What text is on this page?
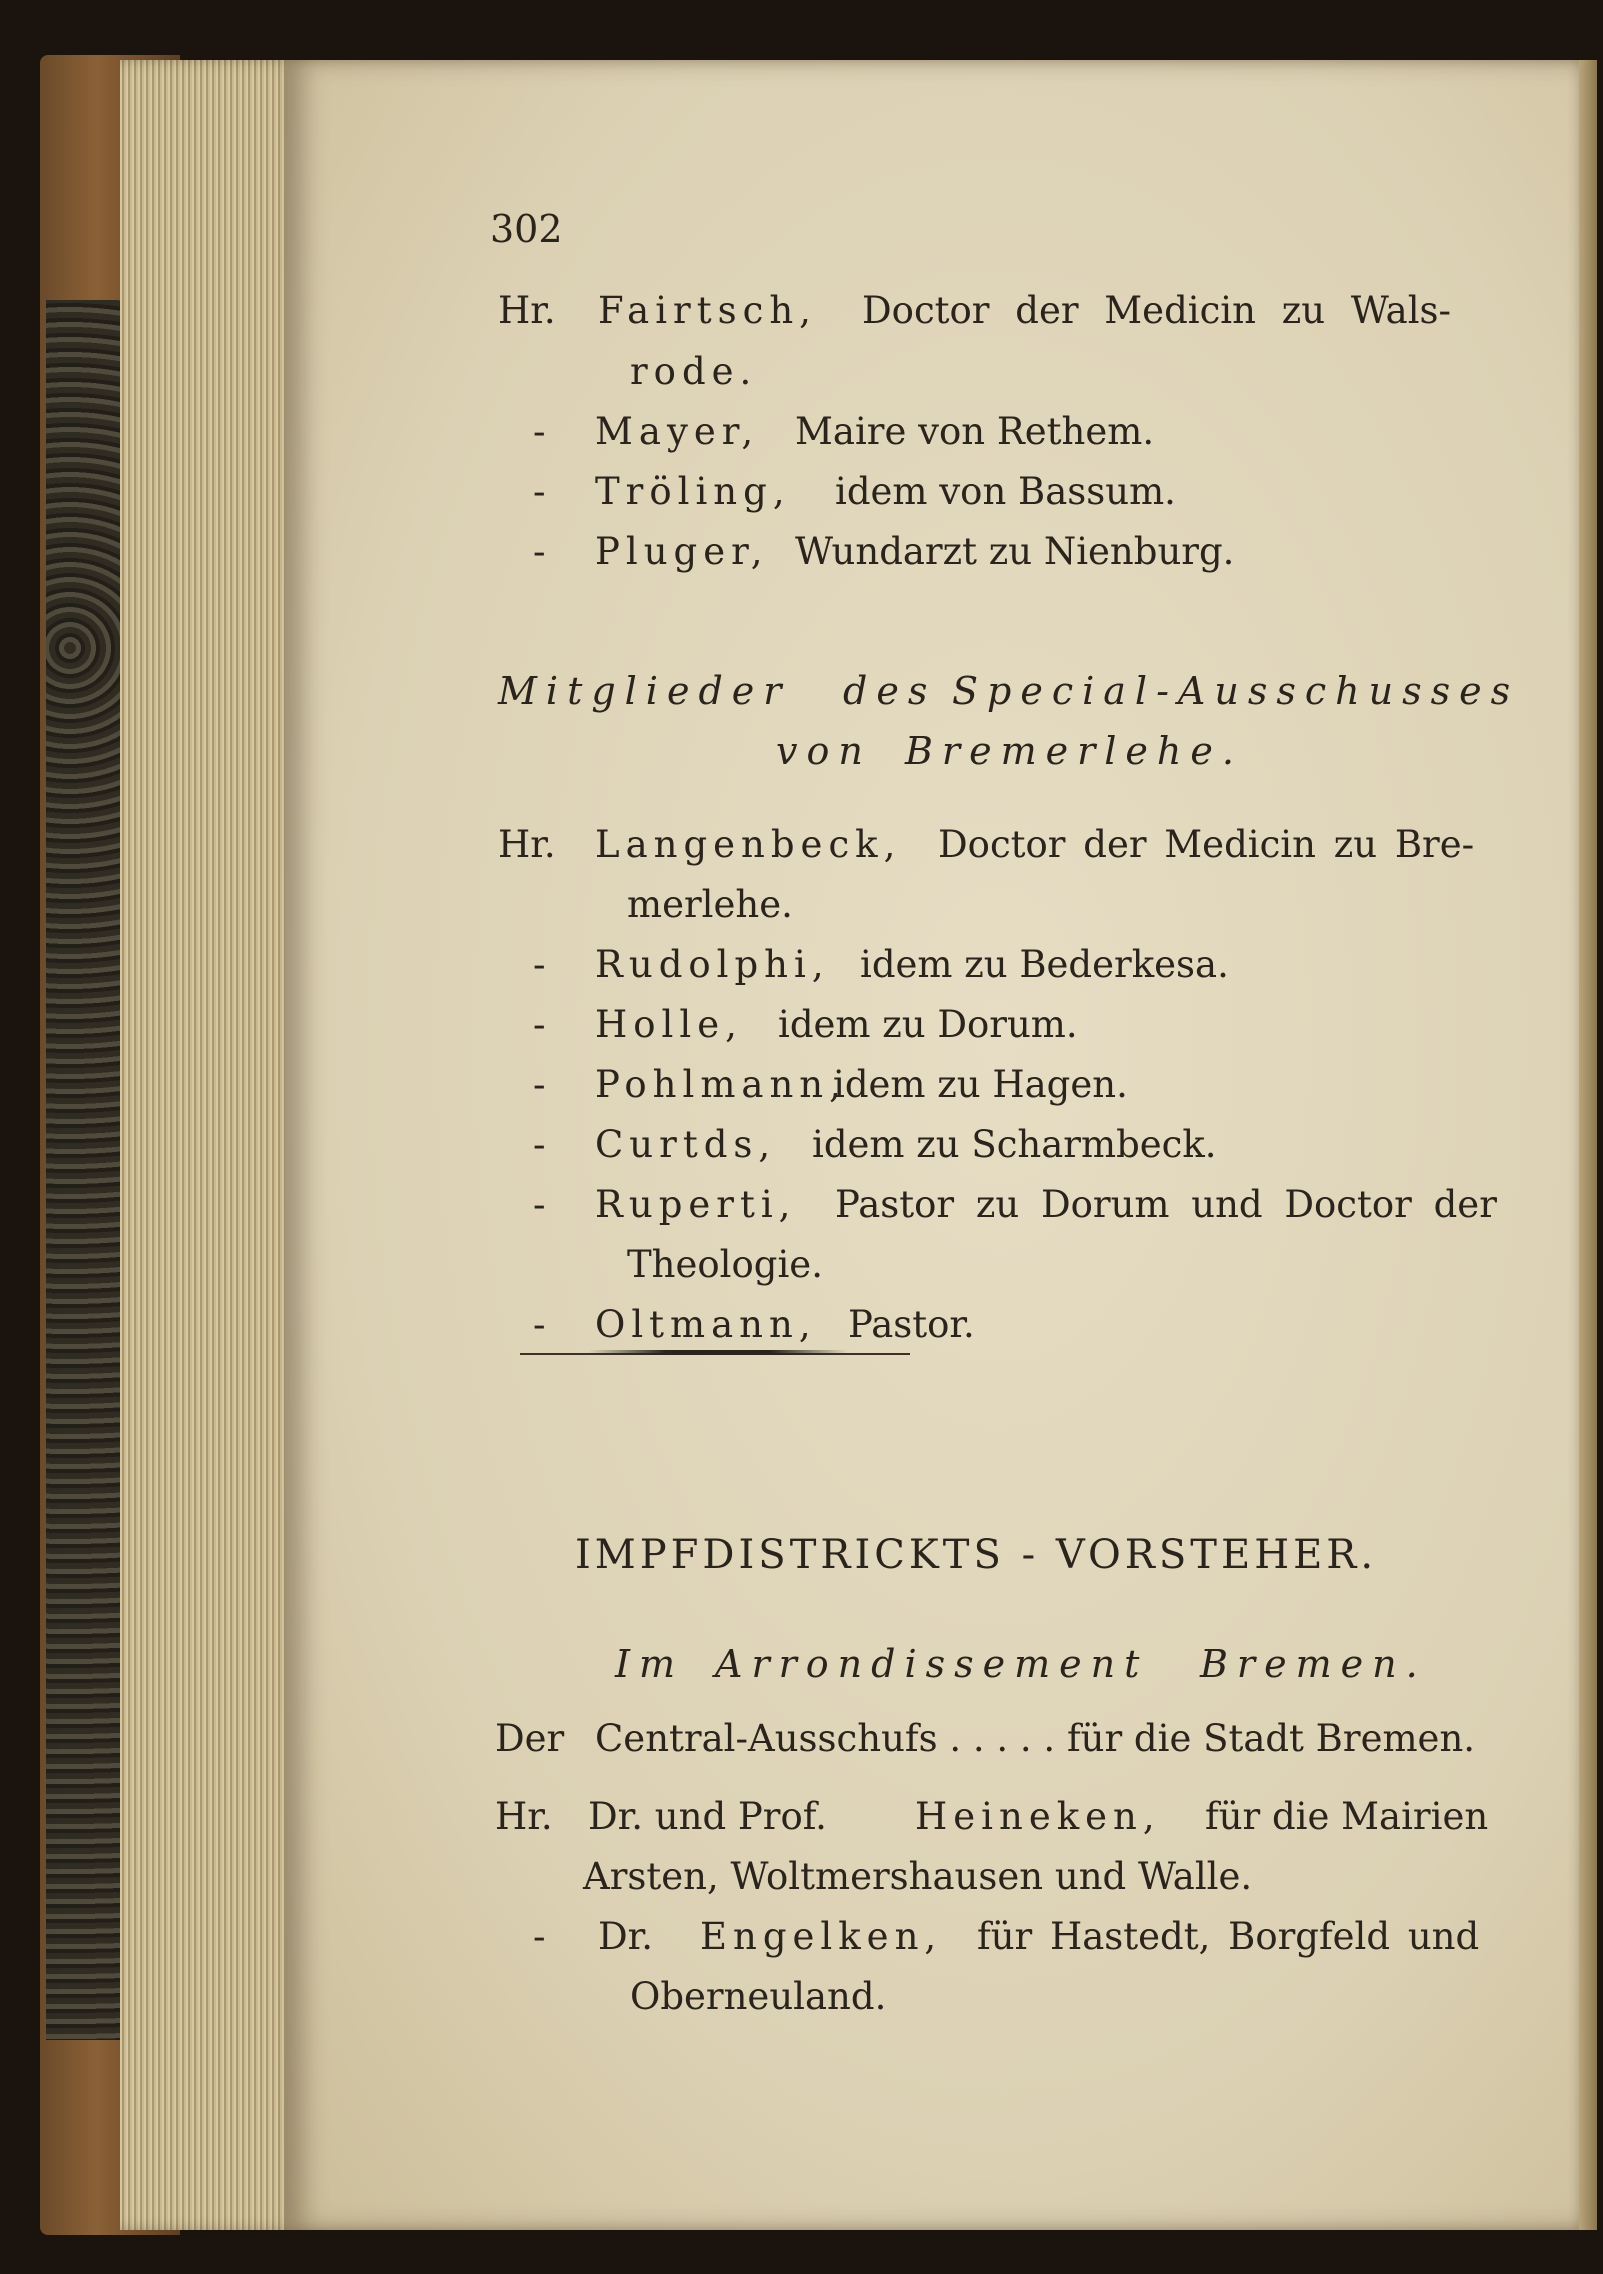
302
Hr. Fairtsch, Doctor der Medicin zu Wals-
rode.
- Mayer, Maire von Rethem.
- Tröling, idem von Bassum.
- Pluger, Wundarzt zu Nienburg.
Mitglieder des Special-Ausschusses
von Bremerlehe.
Hr. Langenbeck, Doctor der Medicin zu Bre-
merlehe.
- Rudolphi, idem zu Bederkesa.
- Holle, idem zu Dorum.
- Pohlmann,
idem zu Hagen.
- Curtds, idem zu Scharmbeck.
- Ruperti, Pastor zu Dorum und Doctor der
Theologie.
- Oltmann, Pastor.
IMPFDISTRICKTS - VORSTEHER.
Im Arrondissement Bremen.
Der Central-Ausschufs . . . . . für die Stadt Bremen.
Hr. Dr. und Prof. Heineken, für die Mairien
Arsten, Woltmershausen und Walle.
- Dr. Engelken, für Hastedt, Borgfeld und
Oberneuland.
